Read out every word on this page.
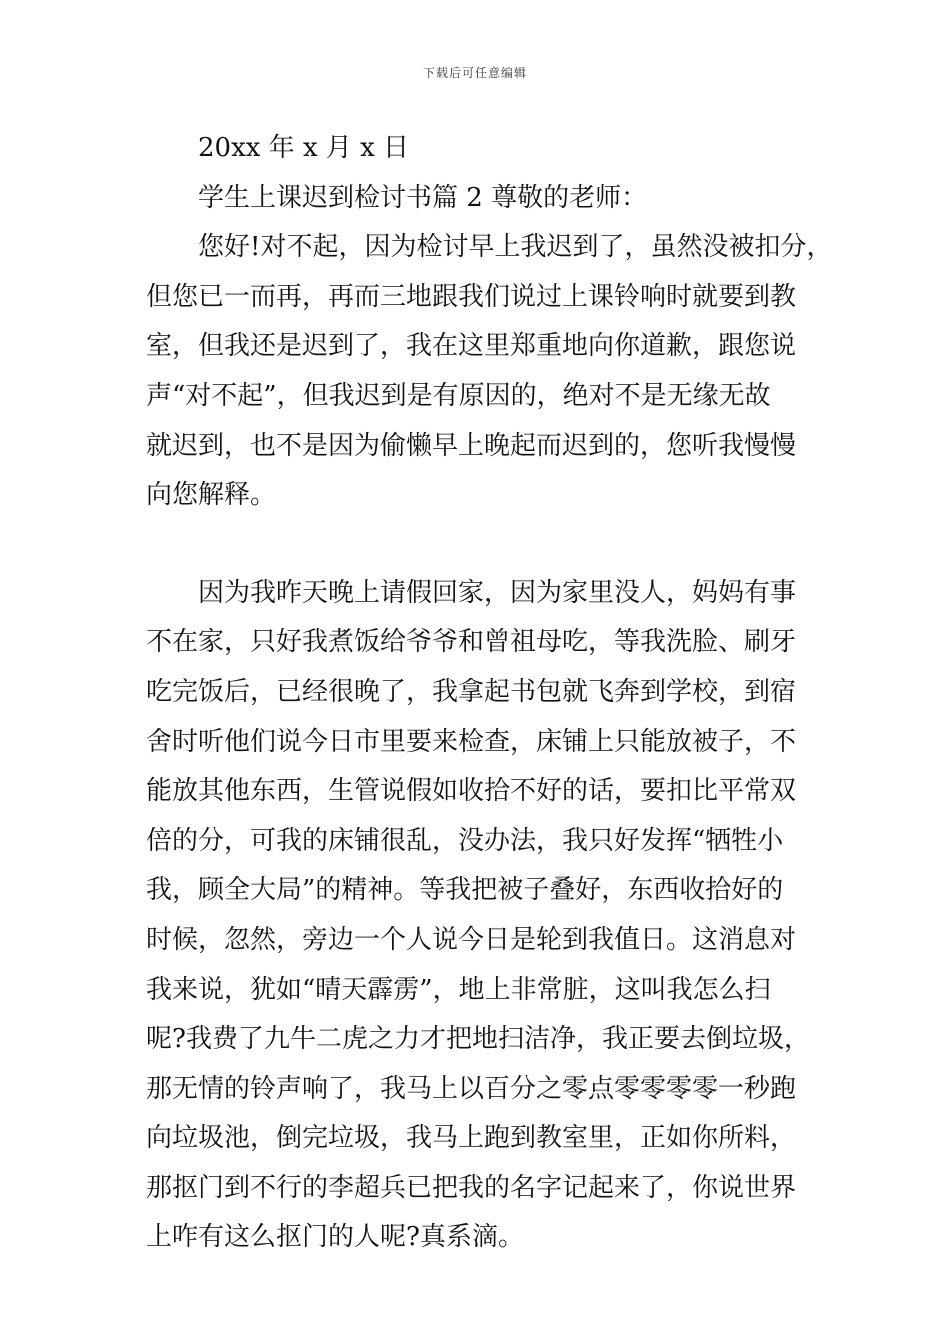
下载后可任意编辑
20xx 年 x 月 x 日
学生上课迟到检讨书篇 2 尊敬的老师：
您好!对不起，因为检讨早上我迟到了，虽然没被扣分，
但您已一而再，再而三地跟我们说过上课铃响时就要到教
室，但我还是迟到了，我在这里郑重地向你道歉，跟您说
声“对不起”，但我迟到是有原因的，绝对不是无缘无故
就迟到，也不是因为偷懒早上晚起而迟到的，您听我慢慢
向您解释。
因为我昨天晚上请假回家，因为家里没人，妈妈有事
不在家，只好我煮饭给爷爷和曾祖母吃，等我洗脸、刷牙
吃完饭后，已经很晚了，我拿起书包就飞奔到学校，到宿
舍时听他们说今日市里要来检查，床铺上只能放被子，不
能放其他东西，生管说假如收拾不好的话，要扣比平常双
倍的分，可我的床铺很乱，没办法，我只好发挥“牺牲小
我，顾全大局”的精神。等我把被子叠好，东西收拾好的
时候，忽然，旁边一个人说今日是轮到我值日。这消息对
我来说，犹如“晴天霹雳”，地上非常脏，这叫我怎么扫
呢?我费了九牛二虎之力才把地扫洁净，我正要去倒垃圾，
那无情的铃声响了，我马上以百分之零点零零零零一秒跑
向垃圾池，倒完垃圾，我马上跑到教室里，正如你所料，
那抠门到不行的李超兵已把我的名字记起来了，你说世界
上咋有这么抠门的人呢?真系滴。
